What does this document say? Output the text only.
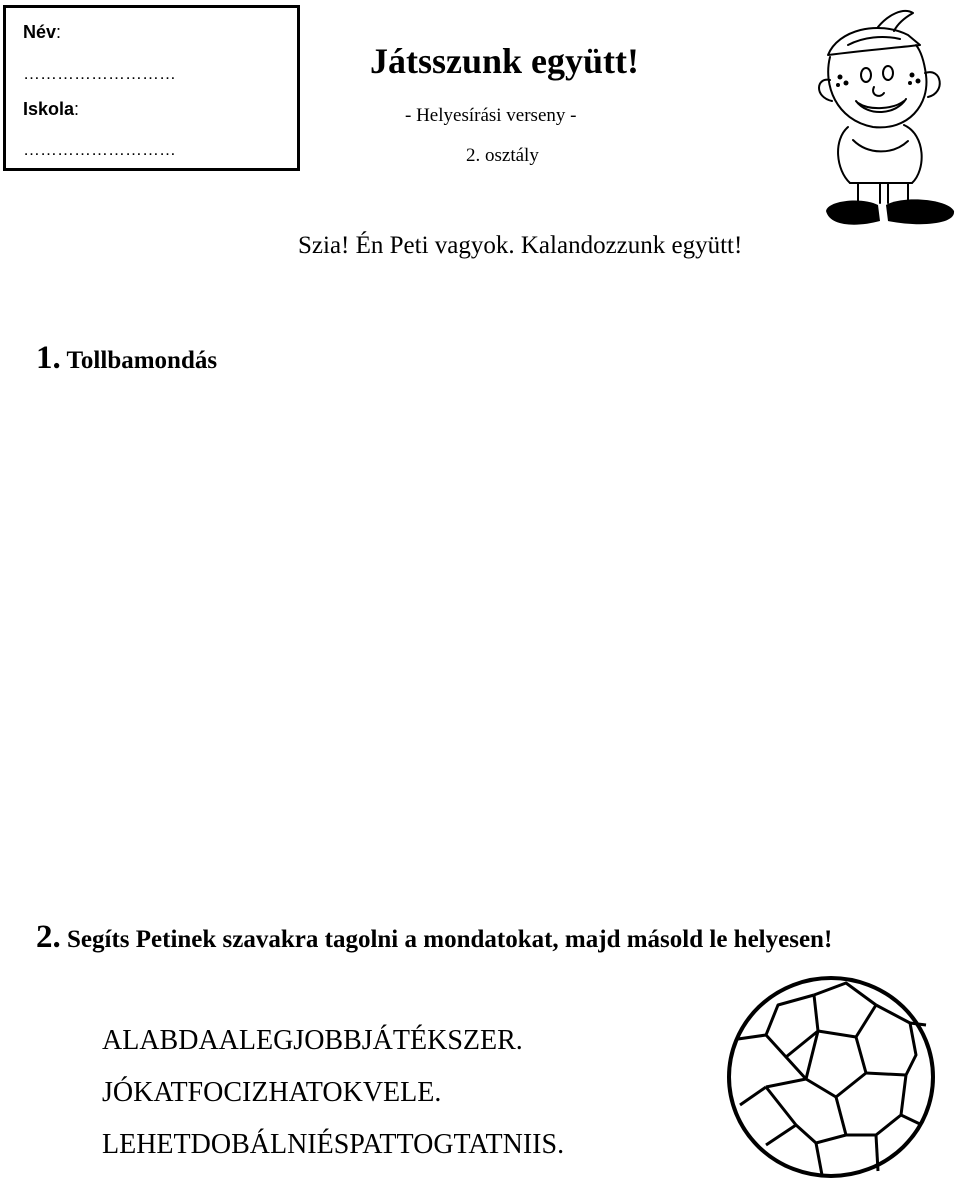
Név:
………………………
Iskola:
………………………
Játsszunk együtt!
- Helyesírási verseny -
2. osztály
Szia! Én Peti vagyok. Kalandozzunk együtt!
1. Tollbamondás
2. Segíts Petinek szavakra tagolni a mondatokat, majd másold le helyesen!
ALABDAALEGJOBBJÁTÉKSZER.
JÓKATFOCIZHATOKVELE.
LEHETDOBÁLNIÉSPATTOGTATNIIS.
